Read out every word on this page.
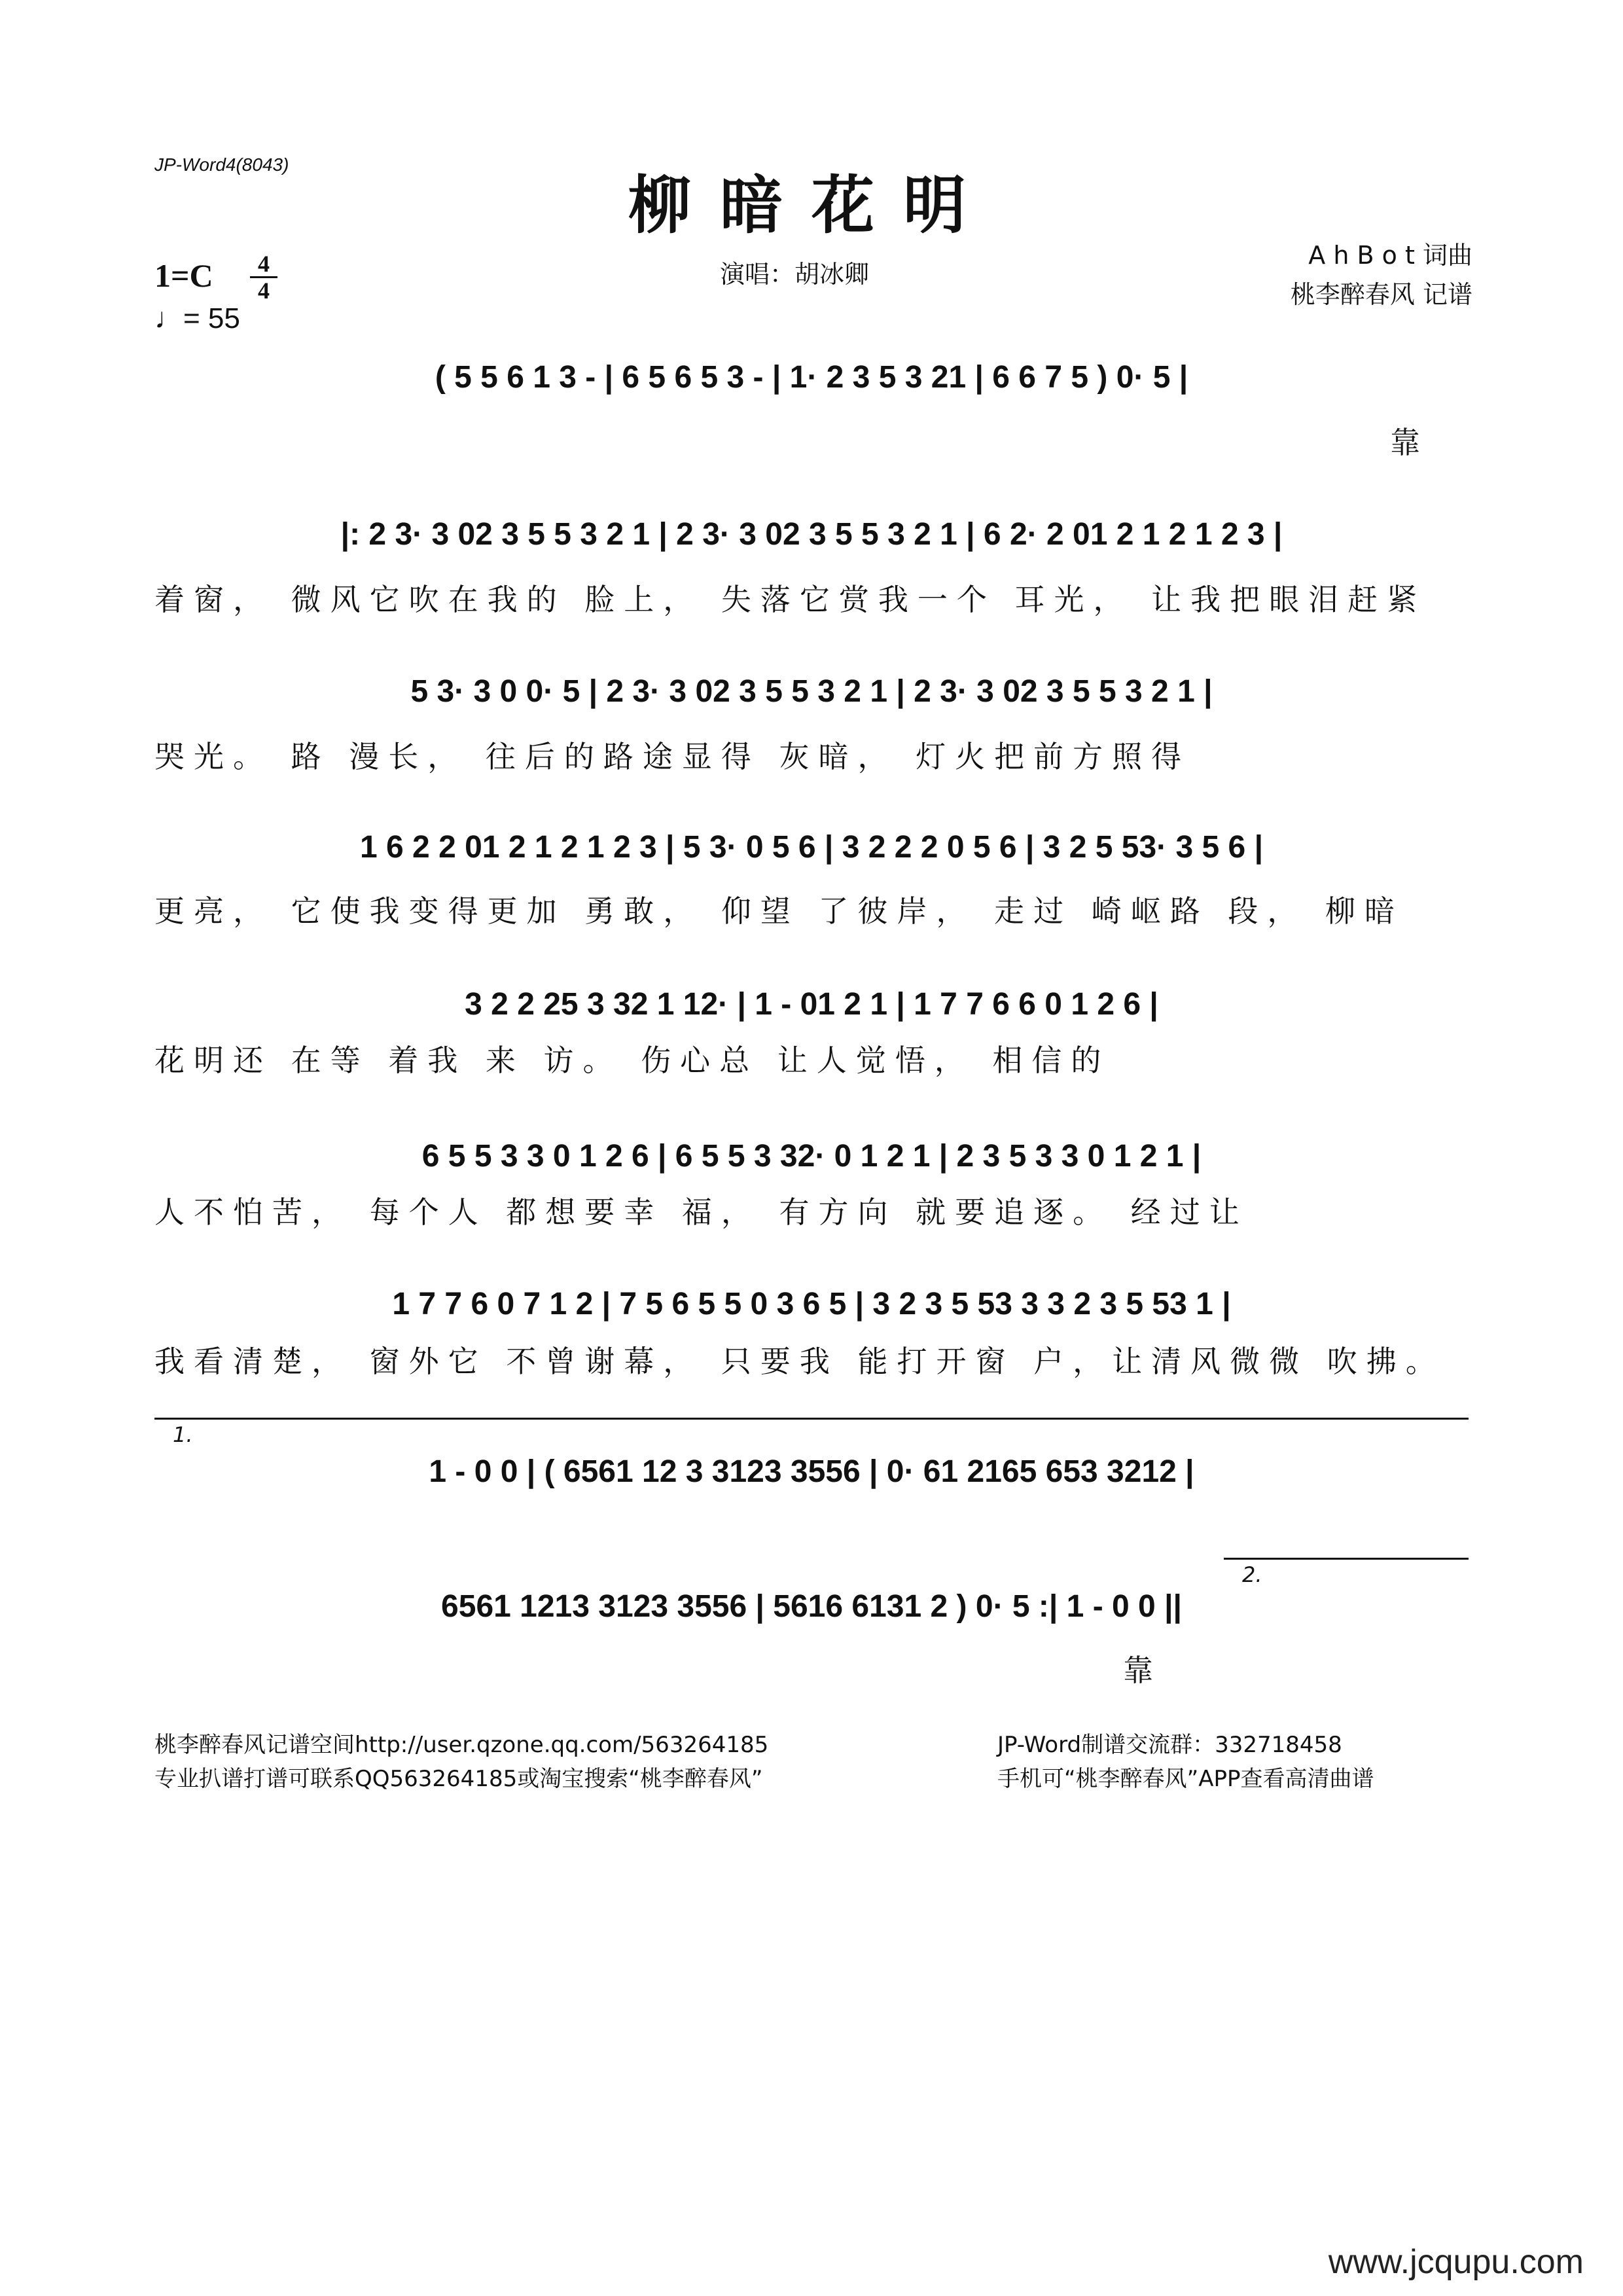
JP-Word4(8043)
柳暗花明
1=C	4
4
♩= 55
演唱：胡冰卿
A h B o t 词曲
桃李醉春风 记谱
( 5 5 6 1 3 - | 6 5 6 5 3 - | 1· 2 3 5 3 21 | 6 6 7 5 ) 0· 5 |
靠
|: 2 3· 3 02 3 5 5 3 2 1 | 2 3· 3 02 3 5 5 3 2 1 | 6 2· 2 01 2 1 2 1 2 3 |
着窗， 微风它吹在我的 脸上， 失落它赏我一个 耳光， 让我把眼泪赶紧
5 3· 3 0 0· 5 | 2 3· 3 02 3 5 5 3 2 1 | 2 3· 3 02 3 5 5 3 2 1 |
哭光。 路 漫长， 往后的路途显得 灰暗， 灯火把前方照得
1 6 2 2 01 2 1 2 1 2 3 | 5 3· 0 5 6 | 3 2 2 2 0 5 6 | 3 2 5 53· 3 5 6 |
更亮， 它使我变得更加 勇敢， 仰望 了彼岸， 走过 崎岖路 段， 柳暗
3 2 2 25 3 32 1 12· | 1 - 01 2 1 | 1 7 7 6 6 0 1 2 6 |
花明还 在等 着我 来 访。 伤心总 让人觉悟， 相信的
6 5 5 3 3 0 1 2 6 | 6 5 5 3 32· 0 1 2 1 | 2 3 5 3 3 0 1 2 1 |
人不怕苦， 每个人 都想要幸 福， 有方向 就要追逐。 经过让
1 7 7 6 0 7 1 2 | 7 5 6 5 5 0 3 6 5 | 3 2 3 5 53 3 3 2 3 5 53 1 |
我看清楚， 窗外它 不曾谢幕， 只要我 能打开窗 户，让清风微微 吹拂。
1.
1 - 0 0 | ( 6561 12 3 3123 3556 | 0· 61 2165 653 3212 |
2.
6561 1213 3123 3556 | 5616 6131 2 ) 0· 5 :| 1 - 0 0 ||
靠
桃李醉春风记谱空间http://user.qzone.qq.com/563264185
专业扒谱打谱可联系QQ563264185或淘宝搜索“桃李醉春风”
JP-Word制谱交流群：332718458
手机可“桃李醉春风”APP查看高清曲谱
www.jcqupu.com
